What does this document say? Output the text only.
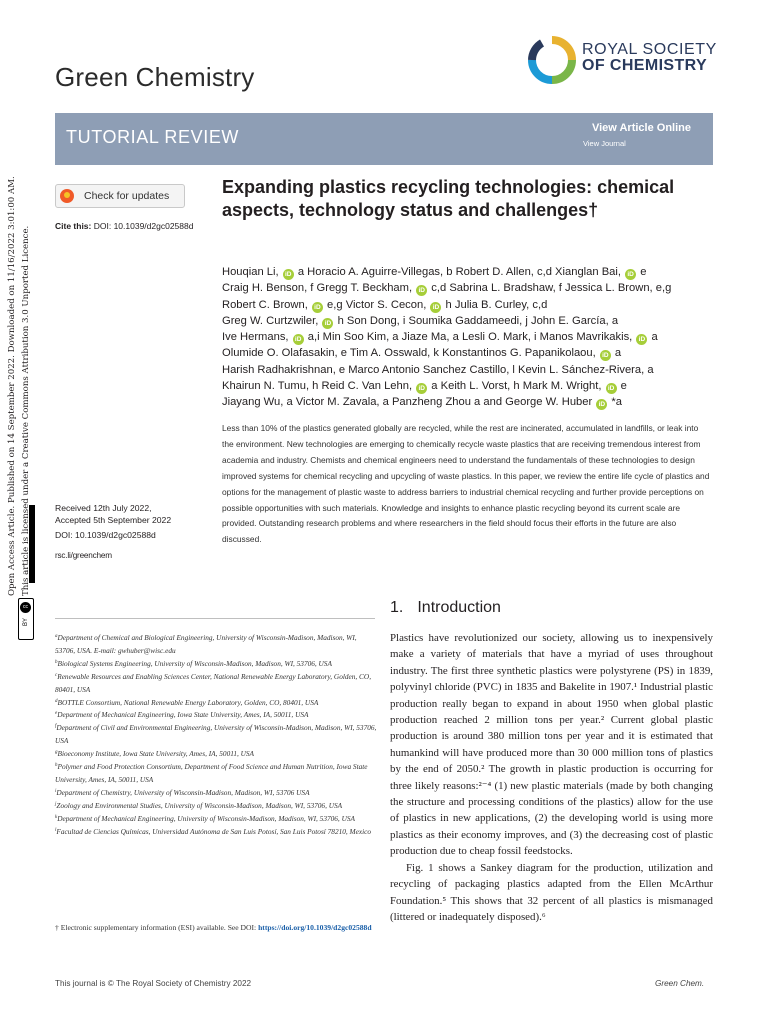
Green Chemistry
ROYAL SOCIETY
OF CHEMISTRY
TUTORIAL REVIEW	View Article Online
View Journal
Check for updates
Cite this: DOI: 10.1039/d2gc02588d
Expanding plastics recycling technologies: chemical aspects, technology status and challenges†
Houqian Li, iD a Horacio A. Aguirre-Villegas, b Robert D. Allen, c,d Xianglan Bai, iD e
Craig H. Benson, f Gregg T. Beckham, iD c,d Sabrina L. Bradshaw, f Jessica L. Brown, e,g
Robert C. Brown, iD e,g Victor S. Cecon, iD h Julia B. Curley, c,d
Greg W. Curtzwiler, iD h Son Dong, i Soumika Gaddameedi, j John E. García, a
Ive Hermans, iD a,i Min Soo Kim, a Jiaze Ma, a Lesli O. Mark, i Manos Mavrikakis, iD a
Olumide O. Olafasakin, e Tim A. Osswald, k Konstantinos G. Papanikolaou, iD a
Harish Radhakrishnan, e Marco Antonio Sanchez Castillo, l Kevin L. Sánchez-Rivera, a
Khairun N. Tumu, h Reid C. Van Lehn, iD a Keith L. Vorst, h Mark M. Wright, iD e
Jiayang Wu, a Victor M. Zavala, a Panzheng Zhou a and George W. Huber iD *a
Less than 10% of the plastics generated globally are recycled, while the rest are incinerated, accumulated in landfills, or leak into the environment. New technologies are emerging to chemically recycle waste plastics that are receiving tremendous interest from academia and industry. Chemists and chemical engineers need to understand the fundamentals of these technologies to design improved systems for chemical recycling and upcycling of waste plastics. In this paper, we review the entire life cycle of plastics and options for the management of plastic waste to address barriers to industrial chemical recycling and further provide perceptions on possible opportunities with such materials. Knowledge and insights to enhance plastic recycling beyond its current scale are provided. Outstanding research problems and where researchers in the field should focus their efforts in the future are also discussed.
Received 12th July 2022,
Accepted 5th September 2022
DOI: 10.1039/d2gc02588d
rsc.li/greenchem
Open Access Article. Published on 14 September 2022. Downloaded on 11/16/2022 3:01:00 AM. This article is licensed under a Creative Commons Attribution 3.0 Unported Licence.
cc
BY
$^a$Department of Chemical and Biological Engineering, University of Wisconsin-Madison, Madison, WI, 53706, USA. E-mail: gwhuber@wisc.edu
$^b$Biological Systems Engineering, University of Wisconsin-Madison, Madison, WI, 53706, USA
$^c$Renewable Resources and Enabling Sciences Center, National Renewable Energy Laboratory, Golden, CO, 80401, USA
$^d$BOTTLE Consortium, National Renewable Energy Laboratory, Golden, CO, 80401, USA
$^e$Department of Mechanical Engineering, Iowa State University, Ames, IA, 50011, USA
$^f$Department of Civil and Environmental Engineering, University of Wisconsin-Madison, Madison, WI, 53706, USA
$^g$Bioeconomy Institute, Iowa State University, Ames, IA, 50011, USA
$^h$Polymer and Food Protection Consortium, Department of Food Science and Human Nutrition, Iowa State University, Ames, IA, 50011, USA
$^i$Department of Chemistry, University of Wisconsin-Madison, Madison, WI, 53706 USA
$^j$Zoology and Environmental Studies, University of Wisconsin-Madison, Madison, WI, 53706, USA
$^k$Department of Mechanical Engineering, University of Wisconsin-Madison, Madison, WI, 53706, USA
$^l$Facultad de Ciencias Químicas, Universidad Autónoma de San Luis Potosí, San Luis Potosí 78210, Mexico
† Electronic supplementary information (ESI) available. See DOI: https://doi.org/10.1039/d2gc02588d
1. Introduction

Plastics have revolutionized our society, allowing us to inexpensively make a variety of materials that have a myriad of uses throughout industry. The first three synthetic plastics were polystyrene (PS) in 1839, polyvinyl chloride (PVC) in 1835 and Bakelite in 1907.¹ Industrial plastic production really began to expand in about 1950 when global plastic production reached 2 million tons per year.² Current global plastic production is around 380 million tons per year and it is estimated that humankind will have produced more than 30 000 million tons of plastics by the end of 2050.² The growth in plastic production is occurring for three likely reasons:²⁻⁴ (1) new plastic materials (made by both changing the structure and processing conditions of the plastics) allow for the use of plastics in new applications, (2) the developing world is using more plastics as their economy improves, and (3) the decreasing cost of plastic production due to cheap fossil feedstocks.

Fig. 1 shows a Sankey diagram for the production, utilization and recycling of packaging plastics adapted from the Ellen McArthur Foundation.⁵ This shows that 32 percent of all plastics is mismanaged (littered or inadequately disposed).⁶

This journal is © The Royal Society of Chemistry 2022	Green Chem.
